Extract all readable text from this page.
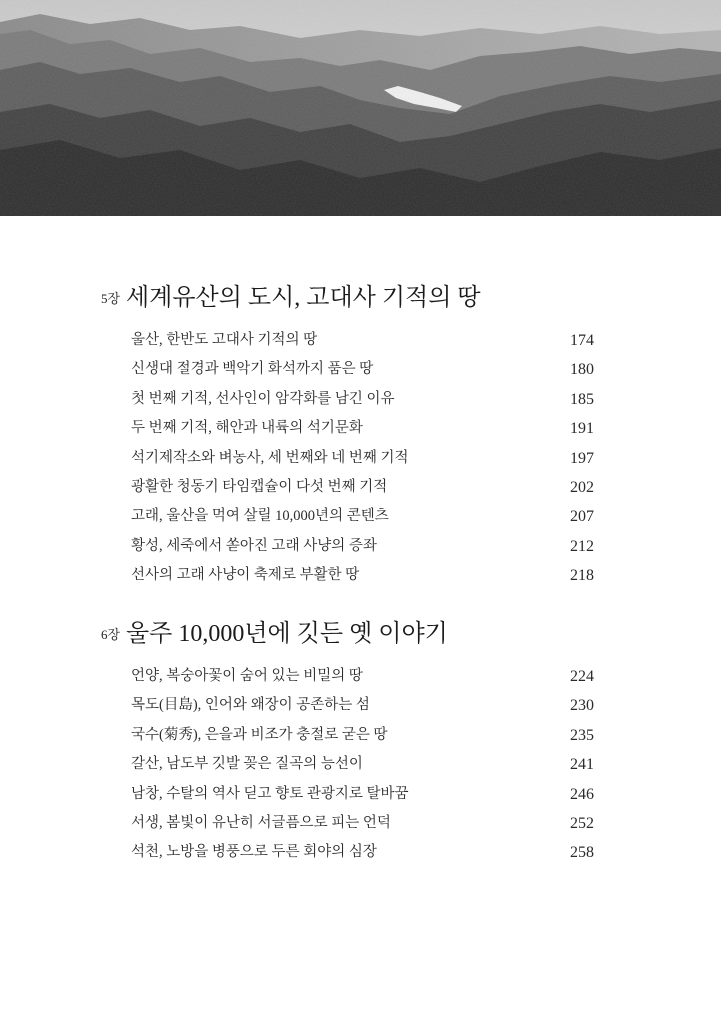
5장 세계유산의 도시, 고대사 기적의 땅
울산, 한반도 고대사 기적의 땅	174
신생대 절경과 백악기 화석까지 품은 땅	180
첫 번째 기적, 선사인이 암각화를 남긴 이유	185
두 번째 기적, 해안과 내륙의 석기문화	191
석기제작소와 벼농사, 세 번째와 네 번째 기적	197
광활한 청동기 타임캡슐이 다섯 번째 기적	202
고래, 울산을 먹여 살릴 10,000년의 콘텐츠	207
황성, 세죽에서 쏟아진 고래 사냥의 증좌	212
선사의 고래 사냥이 축제로 부활한 땅	218
6장 울주 10,000년에 깃든 옛 이야기
언양, 복숭아꽃이 숨어 있는 비밀의 땅	224
목도(目島), 인어와 왜장이 공존하는 섬	230
국수(菊秀), 은을과 비조가 충절로 굳은 땅	235
갈산, 남도부 깃발 꽂은 질곡의 능선이	241
남창, 수탈의 역사 딛고 향토 관광지로 탈바꿈	246
서생, 봄빛이 유난히 서글픔으로 피는 언덕	252
석천, 노방을 병풍으로 두른 회야의 심장	258
